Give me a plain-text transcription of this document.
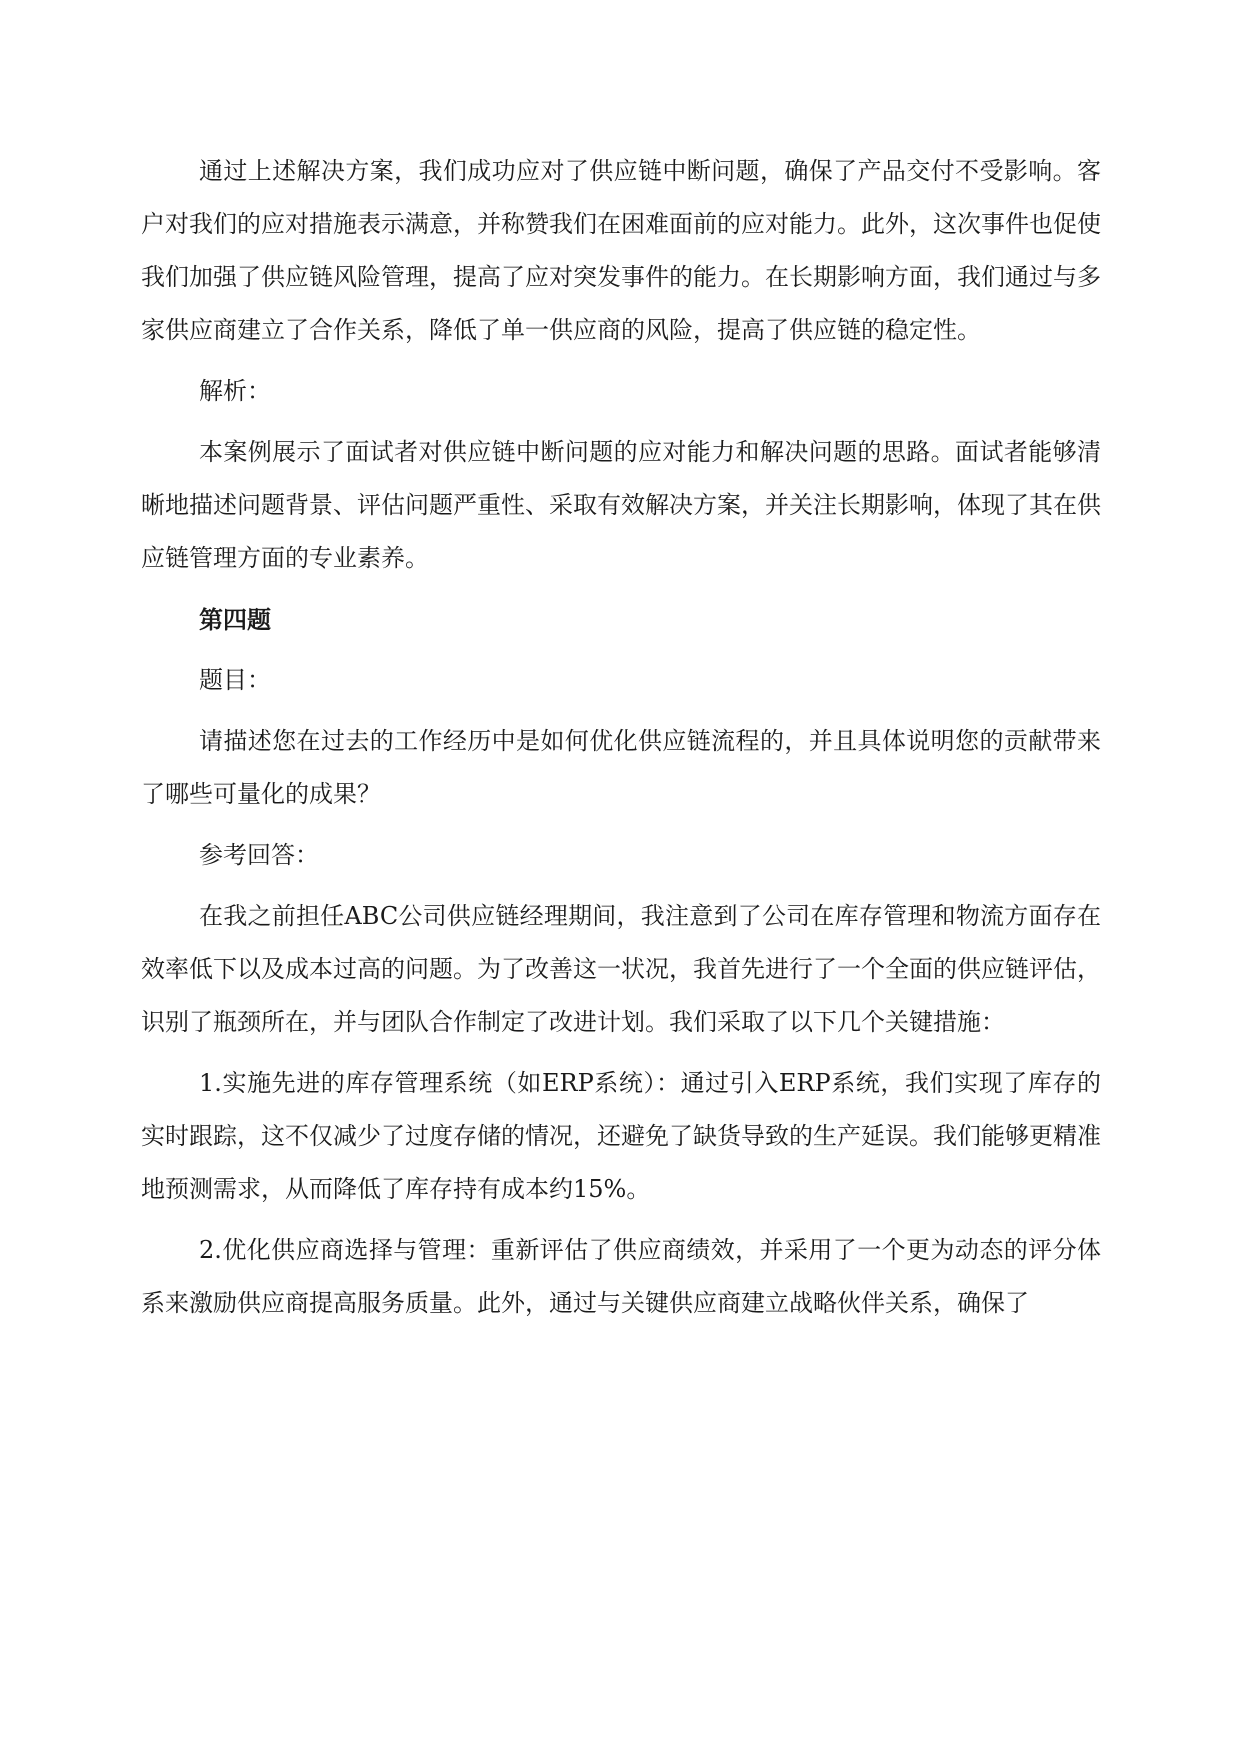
通过上述解决方案，我们成功应对了供应链中断问题，确保了产品交付不受影响。客户对我们的应对措施表示满意，并称赞我们在困难面前的应对能力。此外，这次事件也促使我们加强了供应链风险管理，提高了应对突发事件的能力。在长期影响方面，我们通过与多家供应商建立了合作关系，降低了单一供应商的风险，提高了供应链的稳定性。

解析：

本案例展示了面试者对供应链中断问题的应对能力和解决问题的思路。面试者能够清晰地描述问题背景、评估问题严重性、采取有效解决方案，并关注长期影响，体现了其在供应链管理方面的专业素养。

第四题

题目：

请描述您在过去的工作经历中是如何优化供应链流程的，并且具体说明您的贡献带来了哪些可量化的成果？

参考回答：

在我之前担任ABC公司供应链经理期间，我注意到了公司在库存管理和物流方面存在效率低下以及成本过高的问题。为了改善这一状况，我首先进行了一个全面的供应链评估，识别了瓶颈所在，并与团队合作制定了改进计划。我们采取了以下几个关键措施：

1.实施先进的库存管理系统（如ERP系统）：通过引入ERP系统，我们实现了库存的实时跟踪，这不仅减少了过度存储的情况，还避免了缺货导致的生产延误。我们能够更精准地预测需求，从而降低了库存持有成本约15%。

2.优化供应商选择与管理：重新评估了供应商绩效，并采用了一个更为动态的评分体系来激励供应商提高服务质量。此外，通过与关键供应商建立战略伙伴关系，确保了
